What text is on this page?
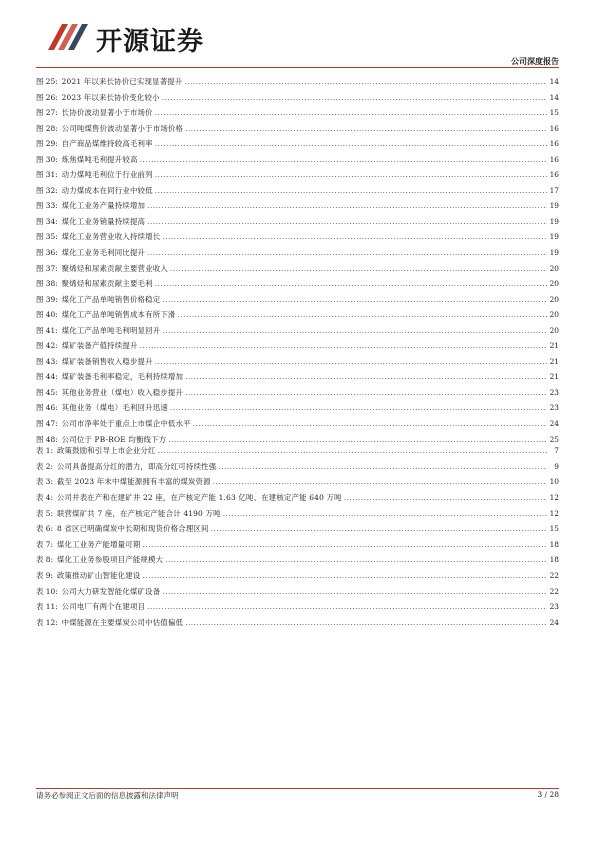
开源证券
公司深度报告
图 25: 2021 年以来长协价已实现显著提升 .....	14
图 26: 2023 年以来长协价变化较小 .....	14
图 27: 长协价波动显著小于市场价 .....	15
图 28: 公司吨煤售价波动显著小于市场价格 .....	16
图 29: 自产商品煤维持较高毛利率 .....	16
图 30: 炼焦煤吨毛利提升较高 .....	16
图 31: 动力煤吨毛利位于行业前列 .....	16
图 32: 动力煤成本在同行业中较低 .....	17
图 33: 煤化工业务产量持续增加 .....	19
图 34: 煤化工业务销量持续提高 .....	19
图 35: 煤化工业务营业收入持续增长 .....	19
图 36: 煤化工业务毛利同比提升 .....	19
图 37: 聚烯烃和尿素贡献主要营业收入 .....	20
图 38: 聚烯烃和尿素贡献主要毛利 .....	20
图 39: 煤化工产品单吨销售价格稳定 .....	20
图 40: 煤化工产品单吨销售成本有所下滑 .....	20
图 41: 煤化工产品单吨毛利明显回升 .....	20
图 42: 煤矿装备产值持续提升 .....	21
图 43: 煤矿装备销售收入稳步提升 .....	21
图 44: 煤矿装备毛利率稳定，毛利持续增加 .....	21
图 45: 其他业务营业（煤电）收入稳步提升 .....	23
图 46: 其他业务（煤电）毛利回升迅速 .....	23
图 47: 公司市净率处于重点上市煤企中低水平 .....	24
图 48: 公司位于 PB-ROE 均衡线下方 .....	25
表 1: 政策鼓励和引导上市企业分红 .....	7
表 2: 公司具备提高分红的潜力，即高分红可持续性强 .....	9
表 3: 截至 2023 年末中煤能源拥有丰富的煤炭资源 .....	10
表 4: 公司并表在产和在建矿井 22 座，在产核定产能 1.63 亿吨、在建核定产能 640 万吨 .....	12
表 5: 联营煤矿共 7 座，在产核定产能合计 4190 万吨 .....	12
表 6: 8 省区已明确煤炭中长期和现货价格合理区间 .....	15
表 7: 煤化工业务产能增量可期 .....	18
表 8: 煤化工业务参股项目产能规模大 .....	18
表 9: 政策推动矿山智能化建设 .....	22
表 10: 公司大力研发智能化煤矿设备 .....	22
表 11: 公司电厂有两个在建项目 .....	23
表 12: 中煤能源在主要煤炭公司中估值偏低 .....	24
请务必参阅正文后面的信息披露和法律声明	3 / 28
